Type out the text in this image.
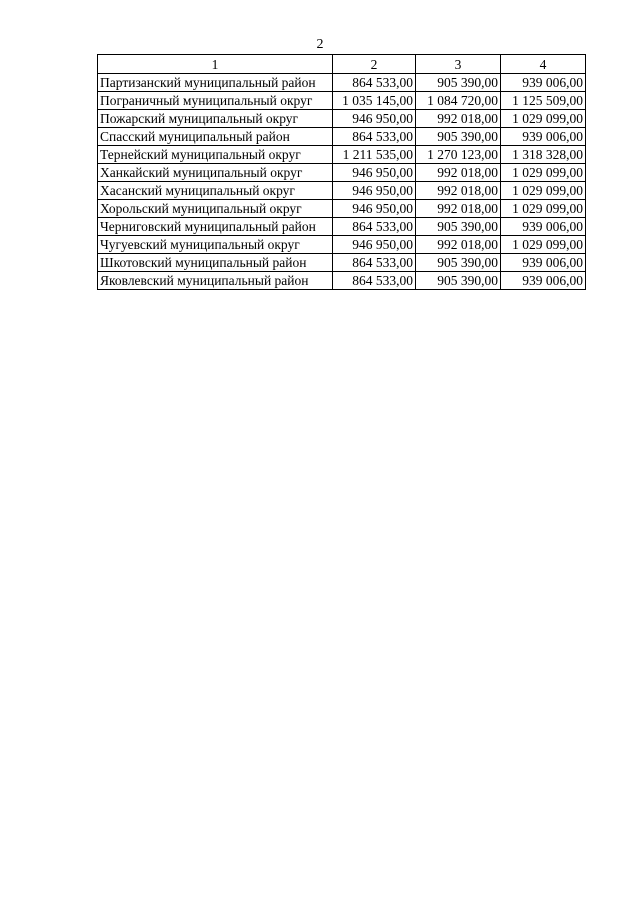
2
1	2	3	4
Партизанский муниципальный район	864 533,00	905 390,00	939 006,00
Пограничный муниципальный округ	1 035 145,00	1 084 720,00	1 125 509,00
Пожарский муниципальный округ	946 950,00	992 018,00	1 029 099,00
Спасский муниципальный район	864 533,00	905 390,00	939 006,00
Тернейский муниципальный округ	1 211 535,00	1 270 123,00	1 318 328,00
Ханкайский муниципальный округ	946 950,00	992 018,00	1 029 099,00
Хасанский муниципальный округ	946 950,00	992 018,00	1 029 099,00
Хорольский муниципальный округ	946 950,00	992 018,00	1 029 099,00
Черниговский муниципальный район	864 533,00	905 390,00	939 006,00
Чугуевский муниципальный округ	946 950,00	992 018,00	1 029 099,00
Шкотовский муниципальный район	864 533,00	905 390,00	939 006,00
Яковлевский муниципальный район	864 533,00	905 390,00	939 006,00
